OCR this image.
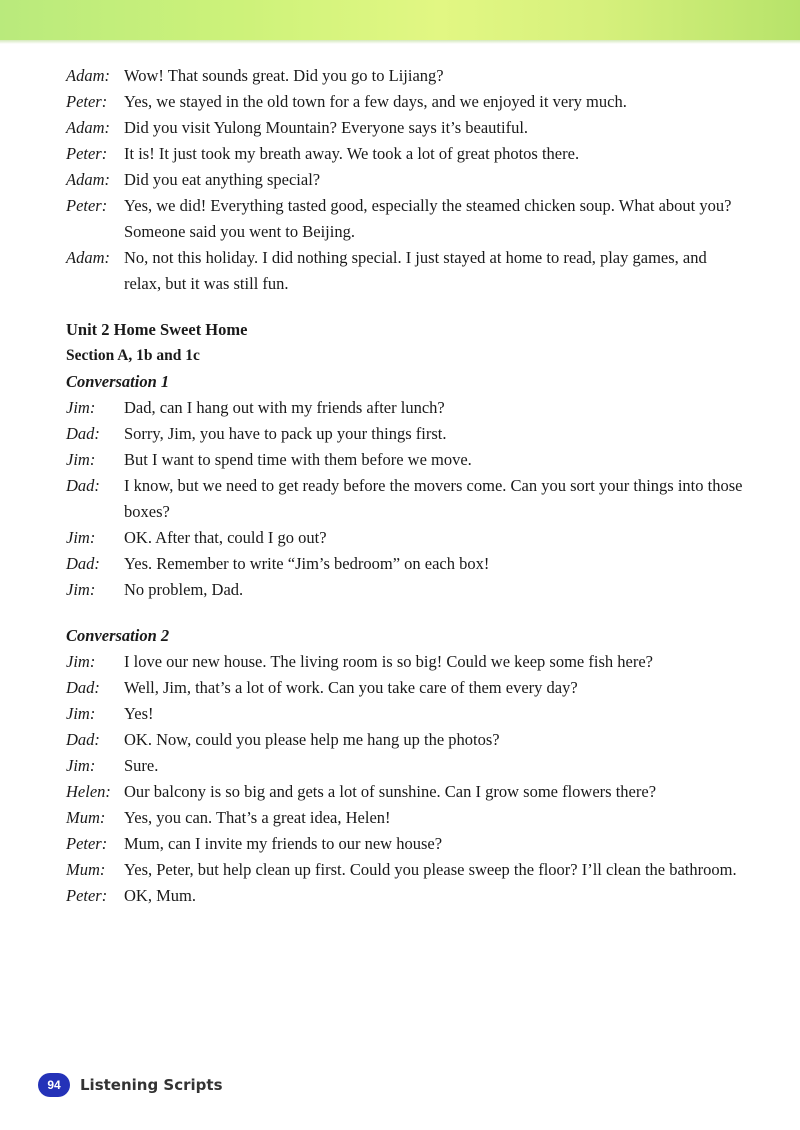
Adam: Wow! That sounds great. Did you go to Lijiang?
Peter:	Yes, we stayed in the old town for a few days, and we enjoyed it very much.
Adam: Did you visit Yulong Mountain? Everyone says it’s beautiful.
Peter:	It is! It just took my breath away. We took a lot of great photos there.
Adam: Did you eat anything special?
Peter:	Yes, we did! Everything tasted good, especially the steamed chicken soup. What about you? Someone said you went to Beijing.
Adam: No, not this holiday. I did nothing special. I just stayed at home to read, play games, and relax, but it was still fun.
Unit 2 Home Sweet Home
Section A, 1b and 1c
Conversation 1
Jim:	Dad, can I hang out with my friends after lunch?
Dad:	Sorry, Jim, you have to pack up your things first.
Jim:	But I want to spend time with them before we move.
Dad:	I know, but we need to get ready before the movers come. Can you sort your things into those boxes?
Jim:	OK. After that, could I go out?
Dad:	Yes. Remember to write “Jim’s bedroom” on each box!
Jim:	No problem, Dad.
Conversation 2
Jim:	I love our new house. The living room is so big! Could we keep some fish here?
Dad:	Well, Jim, that’s a lot of work. Can you take care of them every day?
Jim:	Yes!
Dad:	OK. Now, could you please help me hang up the photos?
Jim:	Sure.
Helen: Our balcony is so big and gets a lot of sunshine. Can I grow some flowers there?
Mum:	Yes, you can. That’s a great idea, Helen!
Peter:	Mum, can I invite my friends to our new house?
Mum:	Yes, Peter, but help clean up first. Could you please sweep the floor? I’ll clean the bathroom.
Peter:	OK, Mum.
94	Listening Scripts
